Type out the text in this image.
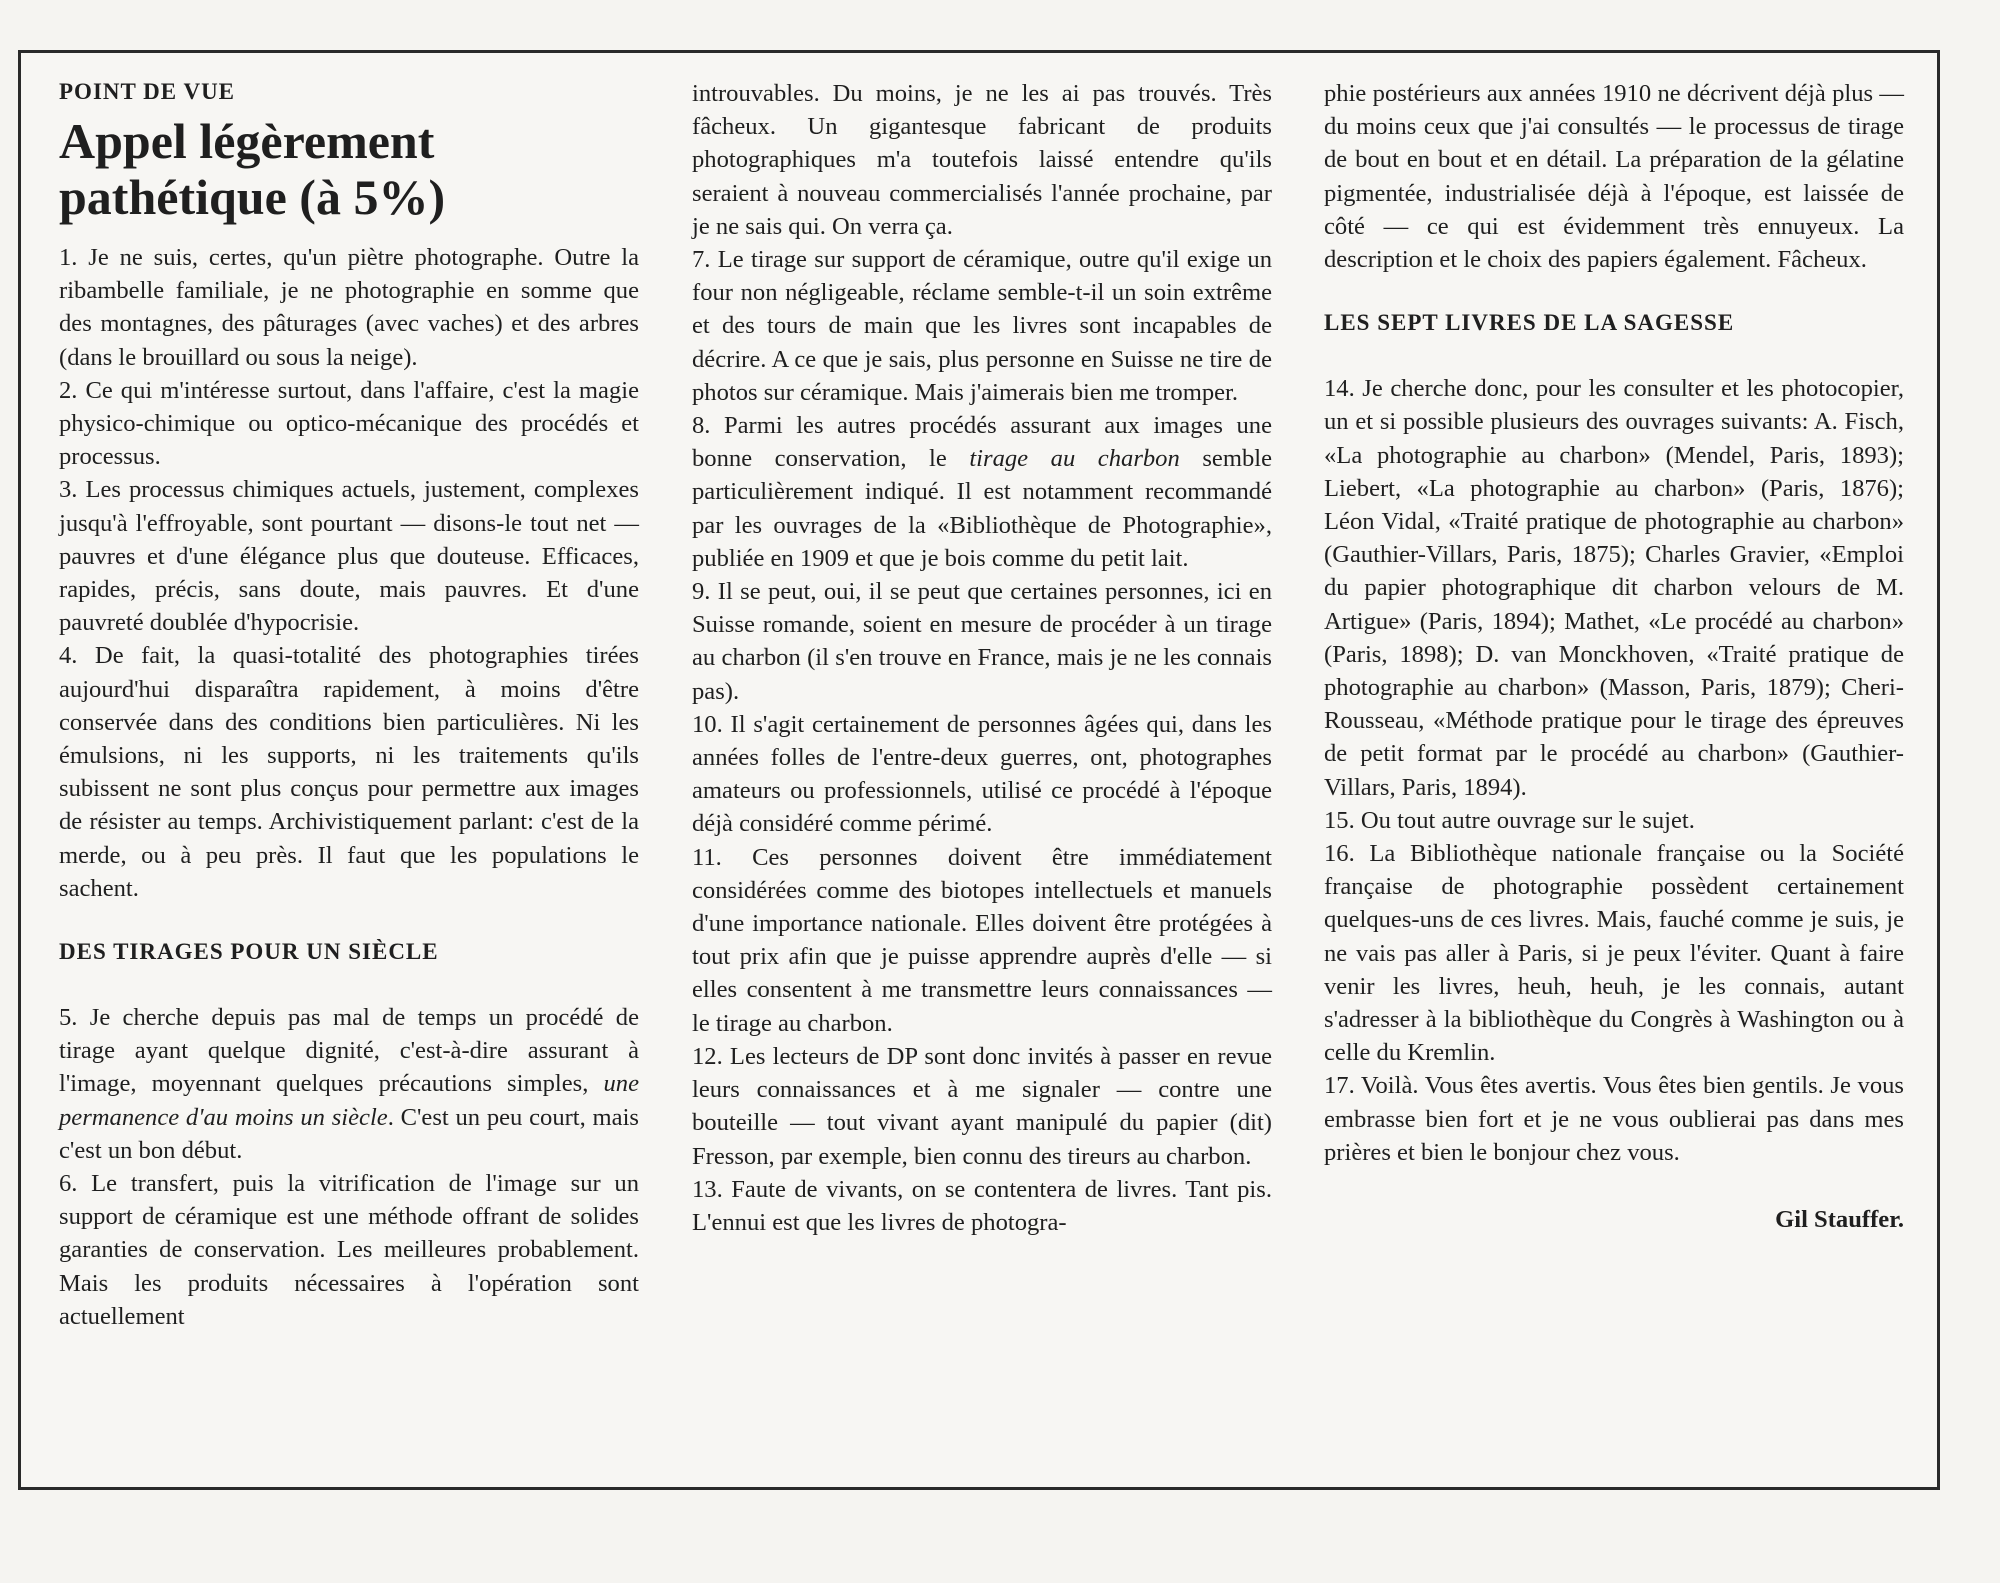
POINT DE VUE
Appel légèrement pathétique (à 5%)

1. Je ne suis, certes, qu'un piètre photographe. Outre la ribambelle familiale, je ne photographie en somme que des montagnes, des pâturages (avec vaches) et des arbres (dans le brouillard ou sous la neige).

2. Ce qui m'intéresse surtout, dans l'affaire, c'est la magie physico-chimique ou optico-mécanique des procédés et processus.

3. Les processus chimiques actuels, justement, complexes jusqu'à l'effroyable, sont pourtant — disons-le tout net — pauvres et d'une élégance plus que douteuse. Efficaces, rapides, précis, sans doute, mais pauvres. Et d'une pauvreté doublée d'hypocrisie.

4. De fait, la quasi-totalité des photographies tirées aujourd'hui disparaîtra rapidement, à moins d'être conservée dans des conditions bien particulières. Ni les émulsions, ni les supports, ni les traitements qu'ils subissent ne sont plus conçus pour permettre aux images de résister au temps. Archivistiquement parlant: c'est de la merde, ou à peu près. Il faut que les populations le sachent.

DES TIRAGES POUR UN SIÈCLE

5. Je cherche depuis pas mal de temps un procédé de tirage ayant quelque dignité, c'est-à-dire assurant à l'image, moyennant quelques précautions simples, une permanence d'au moins un siècle. C'est un peu court, mais c'est un bon début.

6. Le transfert, puis la vitrification de l'image sur un support de céramique est une méthode offrant de solides garanties de conservation. Les meilleures probablement. Mais les produits nécessaires à l'opération sont actuellement

introuvables. Du moins, je ne les ai pas trouvés. Très fâcheux. Un gigantesque fabricant de produits photographiques m'a toutefois laissé entendre qu'ils seraient à nouveau commercialisés l'année prochaine, par je ne sais qui. On verra ça.

7. Le tirage sur support de céramique, outre qu'il exige un four non négligeable, réclame semble-t-il un soin extrême et des tours de main que les livres sont incapables de décrire. A ce que je sais, plus personne en Suisse ne tire de photos sur céramique. Mais j'aimerais bien me tromper.

8. Parmi les autres procédés assurant aux images une bonne conservation, le tirage au charbon semble particulièrement indiqué. Il est notamment recommandé par les ouvrages de la «Bibliothèque de Photographie», publiée en 1909 et que je bois comme du petit lait.

9. Il se peut, oui, il se peut que certaines personnes, ici en Suisse romande, soient en mesure de procéder à un tirage au charbon (il s'en trouve en France, mais je ne les connais pas).

10. Il s'agit certainement de personnes âgées qui, dans les années folles de l'entre-deux guerres, ont, photographes amateurs ou professionnels, utilisé ce procédé à l'époque déjà considéré comme périmé.

11. Ces personnes doivent être immédiatement considérées comme des biotopes intellectuels et manuels d'une importance nationale. Elles doivent être protégées à tout prix afin que je puisse apprendre auprès d'elle — si elles consentent à me transmettre leurs connaissances — le tirage au charbon.

12. Les lecteurs de DP sont donc invités à passer en revue leurs connaissances et à me signaler — contre une bouteille — tout vivant ayant manipulé du papier (dit) Fresson, par exemple, bien connu des tireurs au charbon.

13. Faute de vivants, on se contentera de livres. Tant pis. L'ennui est que les livres de photogra-

phie postérieurs aux années 1910 ne décrivent déjà plus — du moins ceux que j'ai consultés — le processus de tirage de bout en bout et en détail. La préparation de la gélatine pigmentée, industrialisée déjà à l'époque, est laissée de côté — ce qui est évidemment très ennuyeux. La description et le choix des papiers également. Fâcheux.

LES SEPT LIVRES DE LA SAGESSE

14. Je cherche donc, pour les consulter et les photocopier, un et si possible plusieurs des ouvrages suivants: A. Fisch, «La photographie au charbon» (Mendel, Paris, 1893); Liebert, «La photographie au charbon» (Paris, 1876); Léon Vidal, «Traité pratique de photographie au charbon» (Gauthier-Villars, Paris, 1875); Charles Gravier, «Emploi du papier photographique dit charbon velours de M. Artigue» (Paris, 1894); Mathet, «Le procédé au charbon» (Paris, 1898); D. van Monckhoven, «Traité pratique de photographie au charbon» (Masson, Paris, 1879); Cheri-Rousseau, «Méthode pratique pour le tirage des épreuves de petit format par le procédé au charbon» (Gauthier-Villars, Paris, 1894).

15. Ou tout autre ouvrage sur le sujet.

16. La Bibliothèque nationale française ou la Société française de photographie possèdent certainement quelques-uns de ces livres. Mais, fauché comme je suis, je ne vais pas aller à Paris, si je peux l'éviter. Quant à faire venir les livres, heuh, heuh, je les connais, autant s'adresser à la bibliothèque du Congrès à Washington ou à celle du Kremlin.

17. Voilà. Vous êtes avertis. Vous êtes bien gentils. Je vous embrasse bien fort et je ne vous oublierai pas dans mes prières et bien le bonjour chez vous.

Gil Stauffer.
